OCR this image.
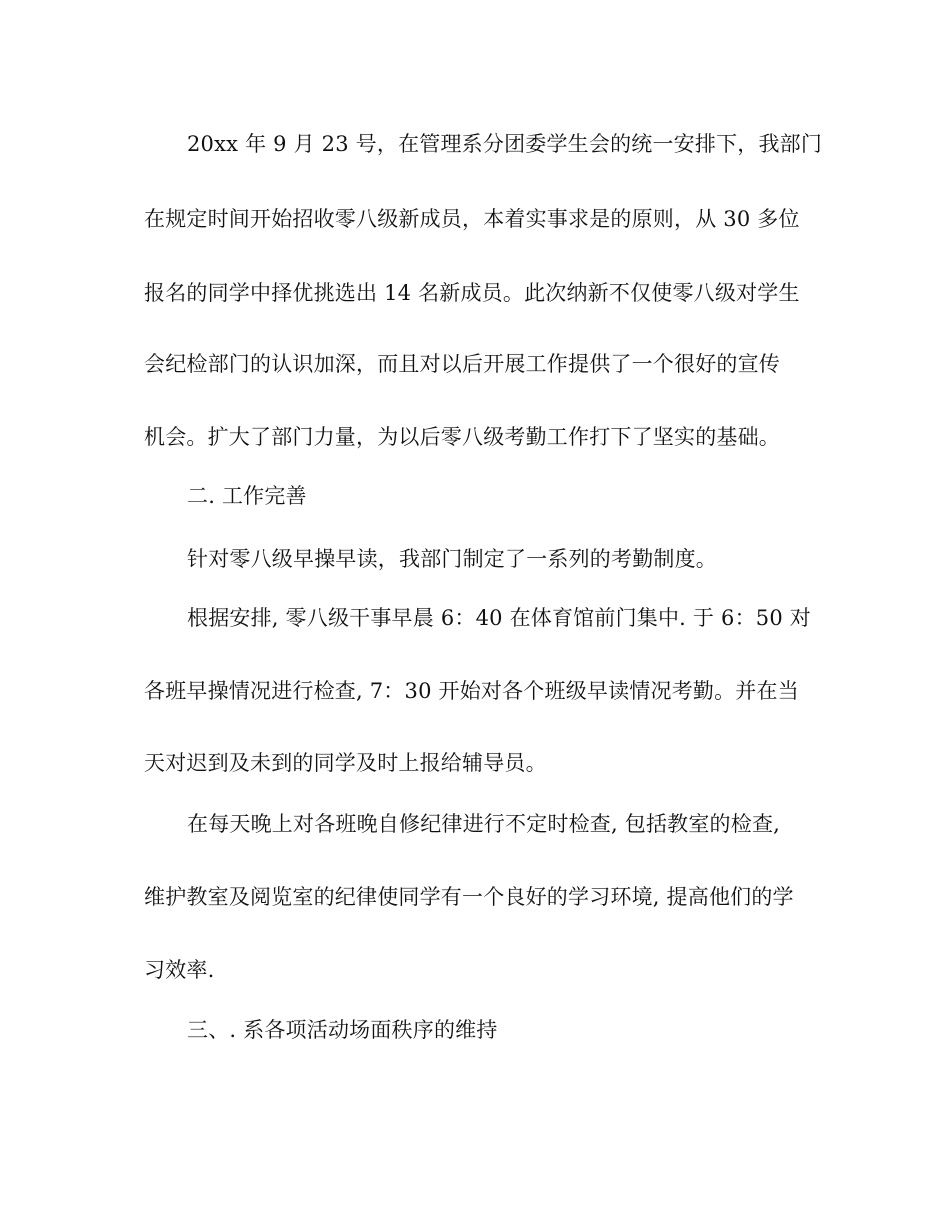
20xx 年 9 月 23 号，在管理系分团委学生会的统一安排下，我部门
在规定时间开始招收零八级新成员，本着实事求是的原则，从 30 多位
报名的同学中择优挑选出 14 名新成员。此次纳新不仅使零八级对学生
会纪检部门的认识加深，而且对以后开展工作提供了一个很好的宣传
机会。扩大了部门力量，为以后零八级考勤工作打下了坚实的基础。
二. 工作完善
针对零八级早操早读，我部门制定了一系列的考勤制度。
根据安排, 零八级干事早晨 6：40 在体育馆前门集中. 于 6：50 对
各班早操情况进行检查, 7：30 开始对各个班级早读情况考勤。并在当
天对迟到及未到的同学及时上报给辅导员。
在每天晚上对各班晚自修纪律进行不定时检查, 包括教室的检查,
维护教室及阅览室的纪律使同学有一个良好的学习环境, 提高他们的学
习效率.
三、. 系各项活动场面秩序的维持
